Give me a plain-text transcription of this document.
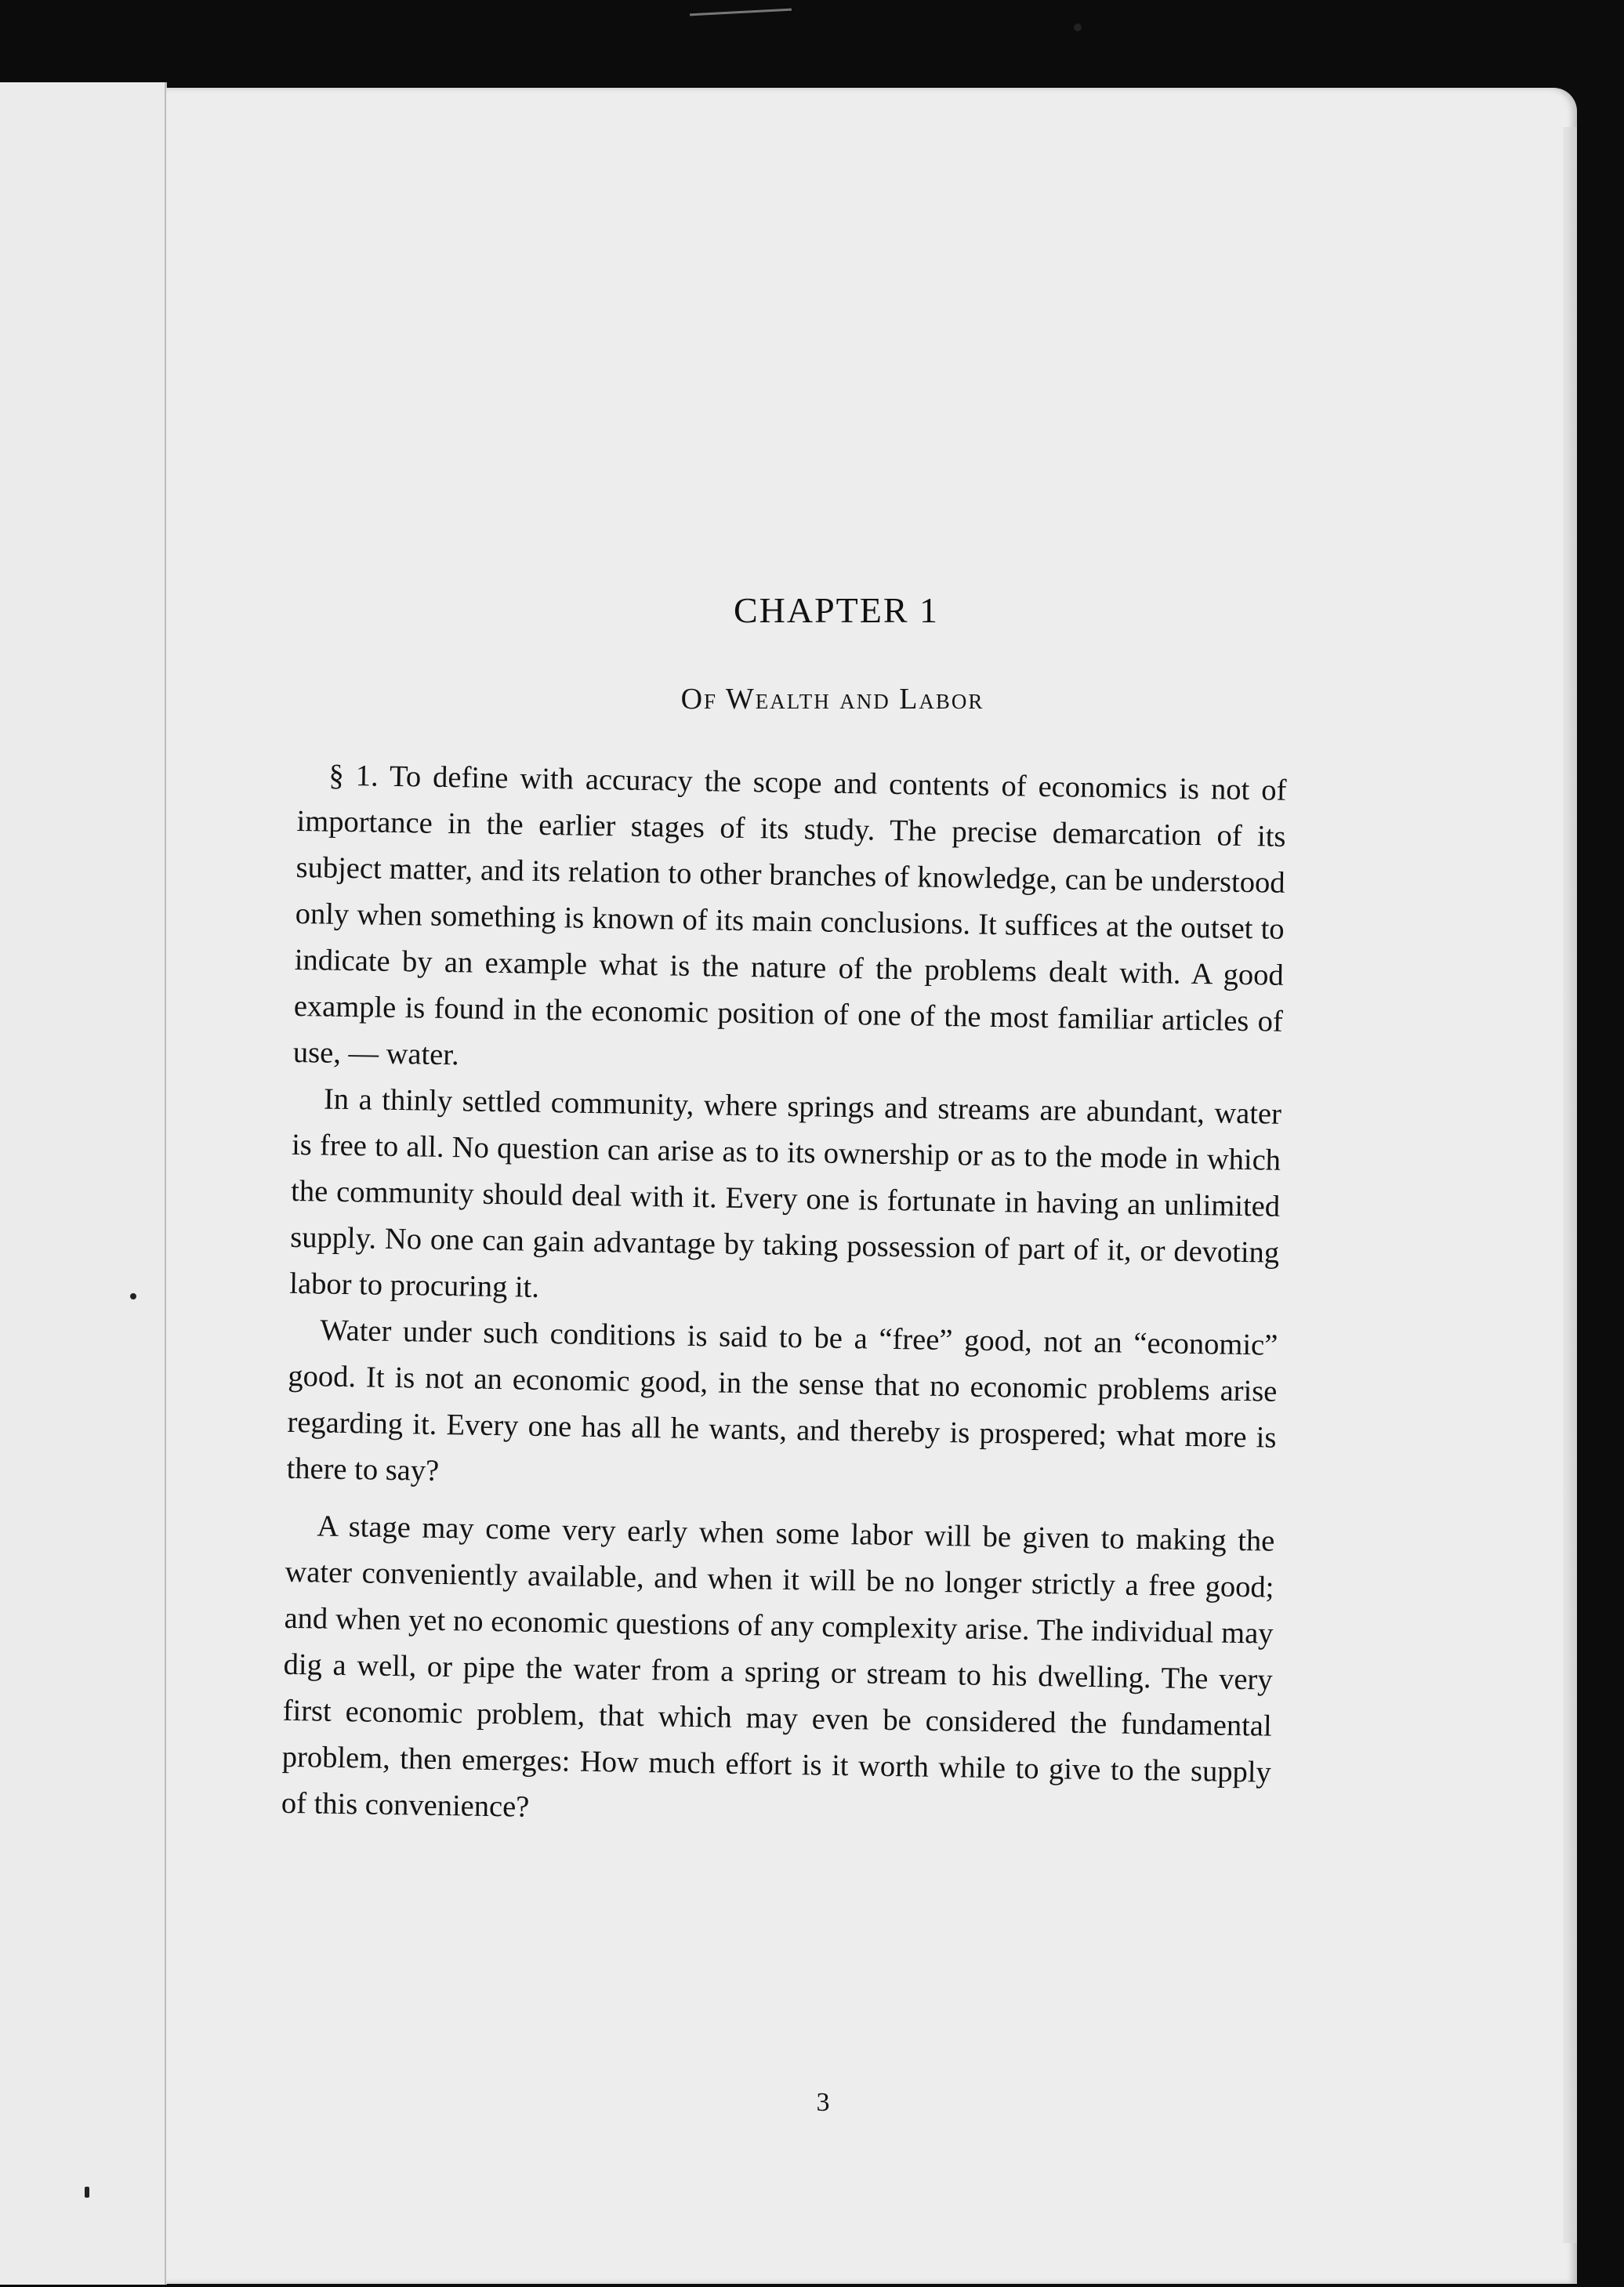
CHAPTER 1
Of Wealth and Labor

§ 1. To define with accuracy the scope and contents of economics is not of importance in the earlier stages of its study. The precise demarcation of its subject matter, and its relation to other branches of knowledge, can be understood only when something is known of its main conclusions. It suffices at the outset to indicate by an example what is the nature of the problems dealt with. A good example is found in the economic position of one of the most familiar articles of use, — water.

In a thinly settled community, where springs and streams are abundant, water is free to all. No question can arise as to its ownership or as to the mode in which the community should deal with it. Every one is fortunate in having an unlimited supply. No one can gain advantage by taking possession of part of it, or devoting labor to procuring it.

Water under such conditions is said to be a “free” good, not an “economic” good. It is not an economic good, in the sense that no economic problems arise regarding it. Every one has all he wants, and thereby is prospered; what more is there to say?

A stage may come very early when some labor will be given to making the water conveniently available, and when it will be no longer strictly a free good; and when yet no economic questions of any complexity arise. The individual may dig a well, or pipe the water from a spring or stream to his dwelling. The very first economic problem, that which may even be considered the fundamental problem, then emerges: How much effort is it worth while to give to the supply of this convenience?

3
